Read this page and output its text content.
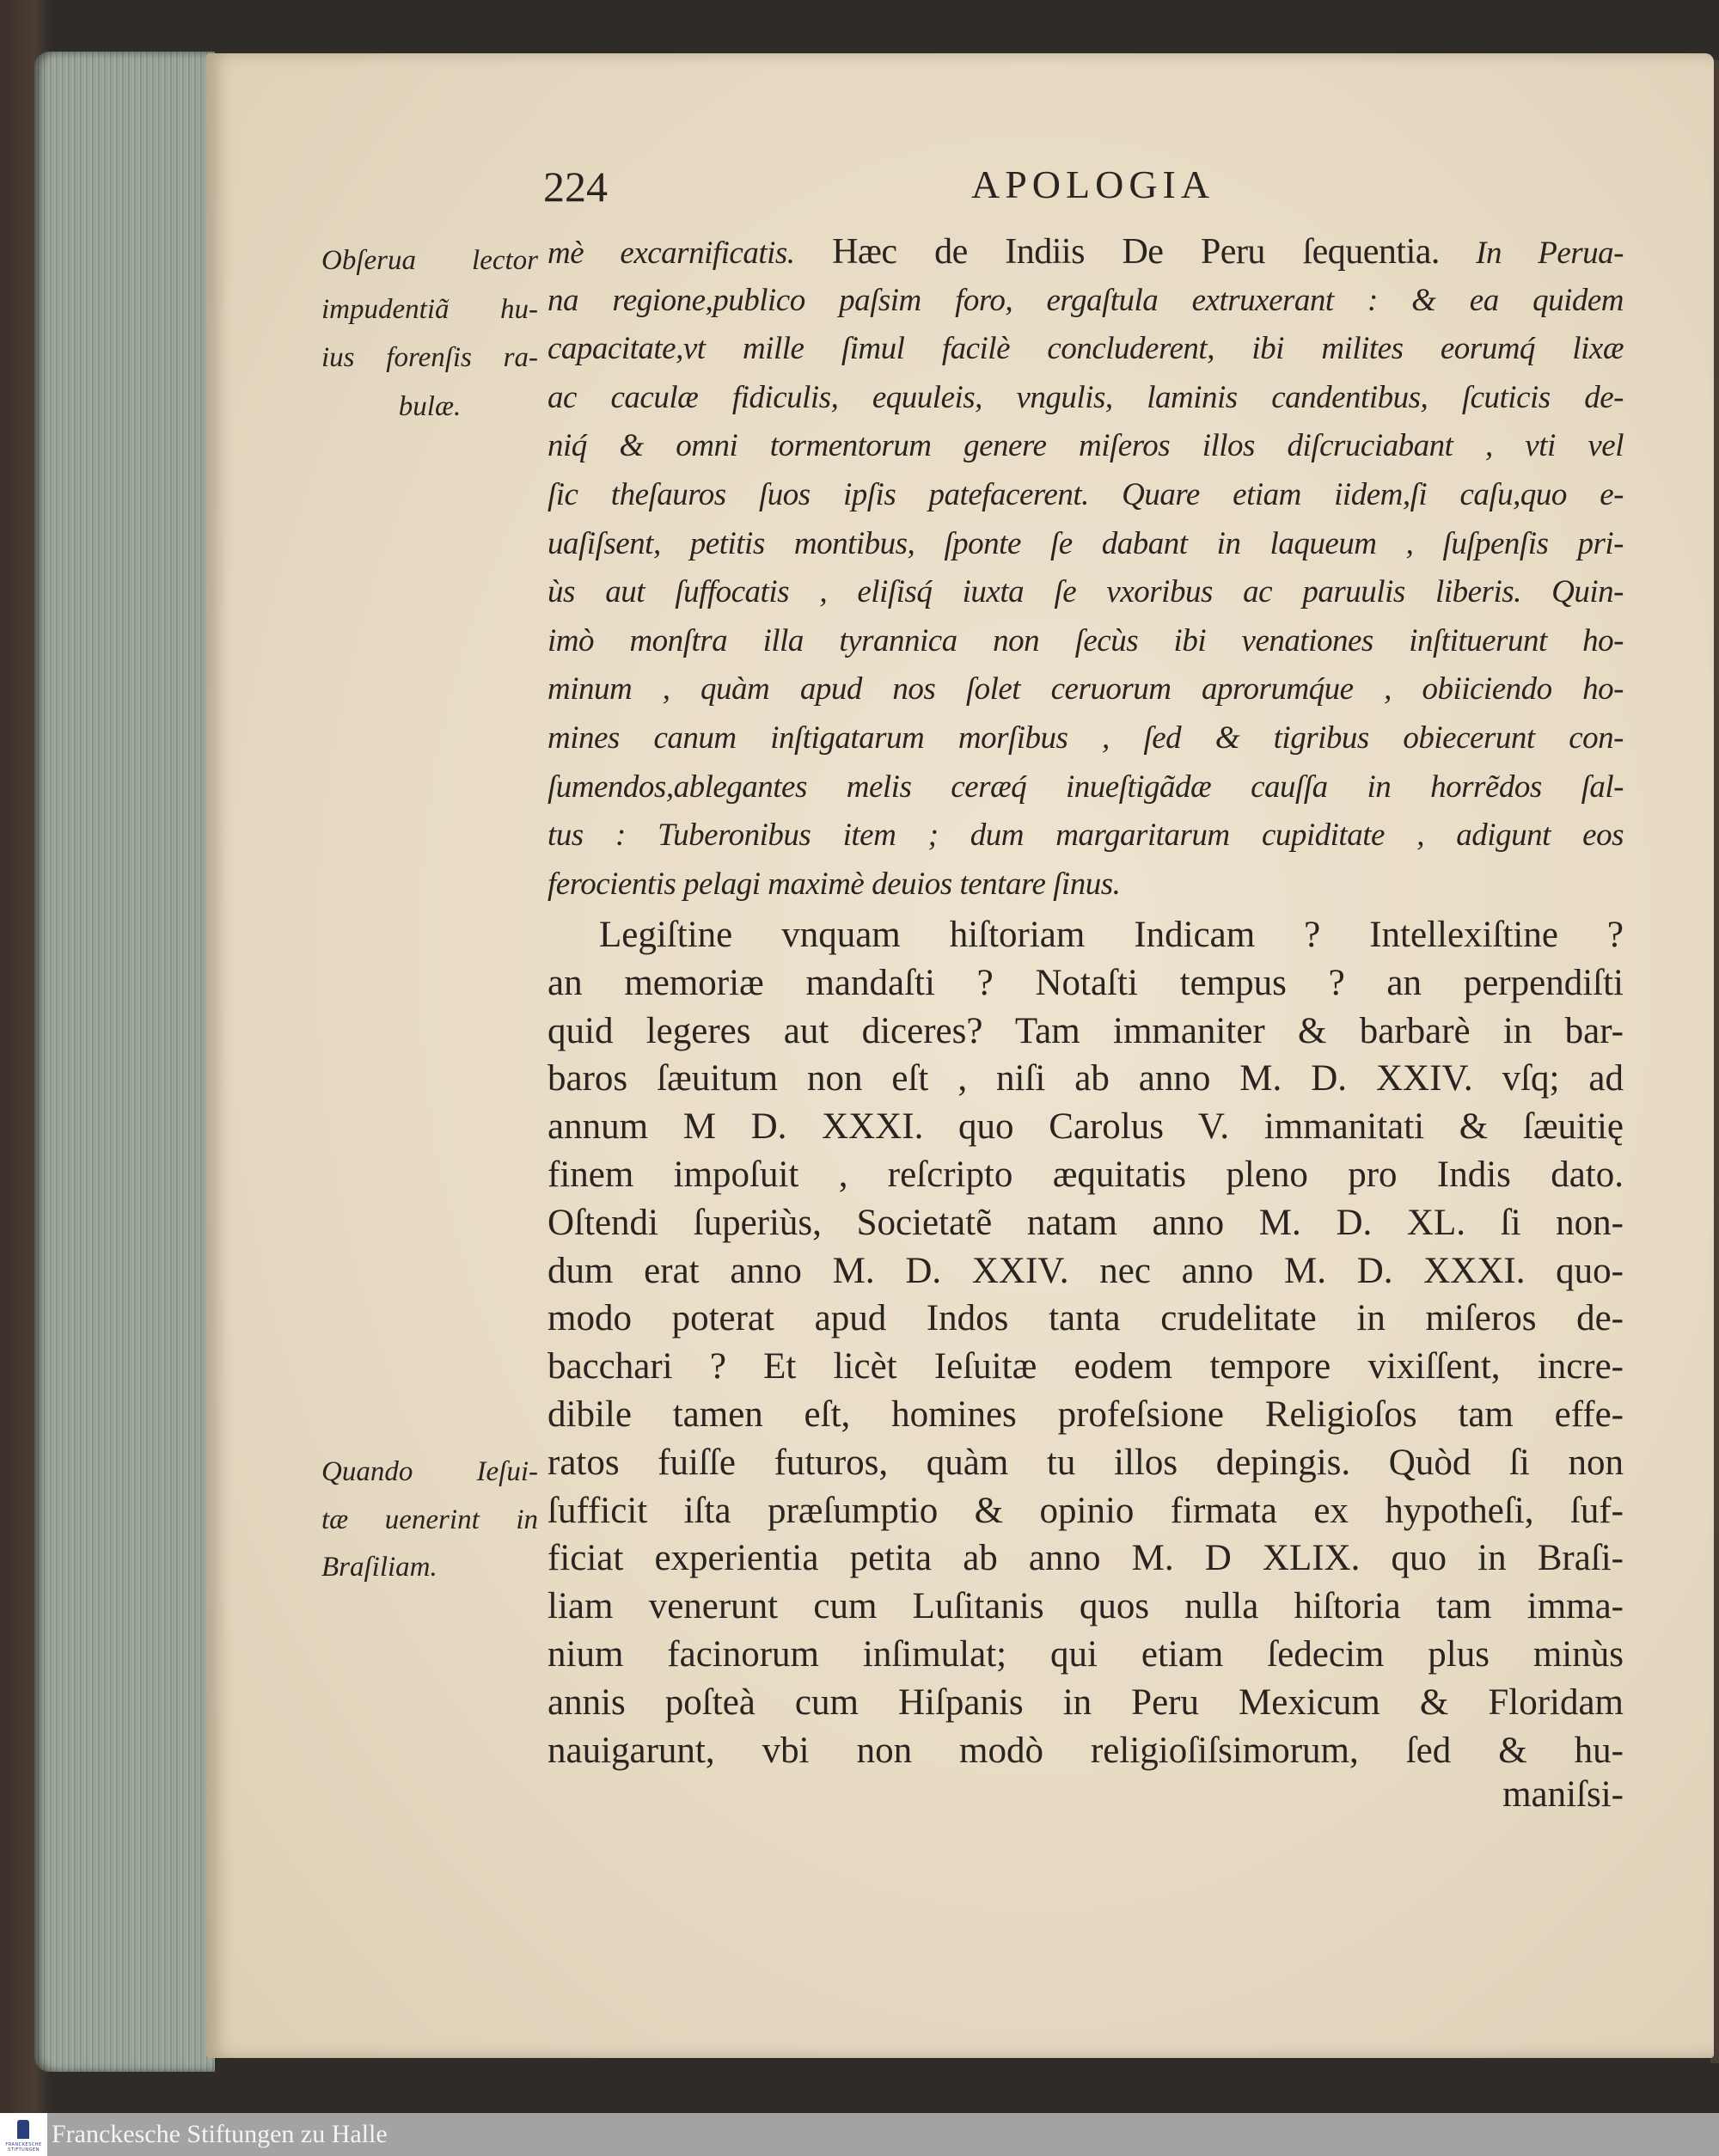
224	APOLOGIA
Obſerua lector
impudentiã hu-
ius forenſis ra-
bulæ.
Quando Ieſui-
tæ uenerint in
Braſiliam.
mè excarnificatis. Hæc de Indiis De Peru ſequentia. In Perua-
na regione,publico paſsim foro, ergaſtula extruxerant : & ea quidem
capacitate,vt mille ſimul facilè concluderent, ibi milites eorumq́ lixæ
ac caculæ fidiculis, equuleis, vngulis, laminis candentibus, ſcuticis de-
niq́ & omni tormentorum genere miſeros illos diſcruciabant , vti vel
ſic theſauros ſuos ipſis patefacerent. Quare etiam iidem,ſi caſu,quo e-
uaſiſsent, petitis montibus, ſponte ſe dabant in laqueum , ſuſpenſis pri-
ùs aut ſuffocatis , eliſisq́ iuxta ſe vxoribus ac paruulis liberis. Quin-
imò monſtra illa tyrannica non ſecùs ibi venationes inſtituerunt ho-
minum , quàm apud nos ſolet ceruorum aprorumq́ue , obiiciendo ho-
mines canum inſtigatarum morſibus , ſed & tigribus obiecerunt con-
ſumendos,ablegantes melis ceræq́ inueſtigãdæ cauſſa in horrẽdos ſal-
tus : Tuberonibus item ; dum margaritarum cupiditate , adigunt eos
ferocientis pelagi maximè deuios tentare ſinus.
Legiſtine vnquam hiſtoriam Indicam ? Intellexiſtine ?
an memoriæ mandaſti ? Notaſti tempus ? an perpendiſti
quid legeres aut diceres? Tam immaniter & barbarè in bar-
baros ſæuitum non eſt , niſi ab anno M. D. XXIV. vſq; ad
annum M D. XXXI. quo Carolus V. immanitati & ſæuitię
finem impoſuit , reſcripto æquitatis pleno pro Indis dato.
Oſtendi ſuperiùs, Societatẽ natam anno M. D. XL. ſi non-
dum erat anno M. D. XXIV. nec anno M. D. XXXI. quo-
modo poterat apud Indos tanta crudelitate in miſeros de-
bacchari ? Et licèt Ieſuitæ eodem tempore vixiſſent, incre-
dibile tamen eſt, homines profeſsione Religioſos tam effe-
ratos fuiſſe futuros, quàm tu illos depingis. Quòd ſi non
ſufficit iſta præſumptio & opinio firmata ex hypotheſi, ſuf-
ficiat experientia petita ab anno M. D XLIX. quo in Braſi-
liam venerunt cum Luſitanis quos nulla hiſtoria tam imma-
nium facinorum inſimulat; qui etiam ſedecim plus minùs
annis poſteà cum Hiſpanis in Peru Mexicum & Floridam
nauigarunt, vbi non modò religioſiſsimorum, ſed & hu-
maniſsi-
FRANCKESCHE STIFTUNGEN
Franckesche Stiftungen zu Halle
